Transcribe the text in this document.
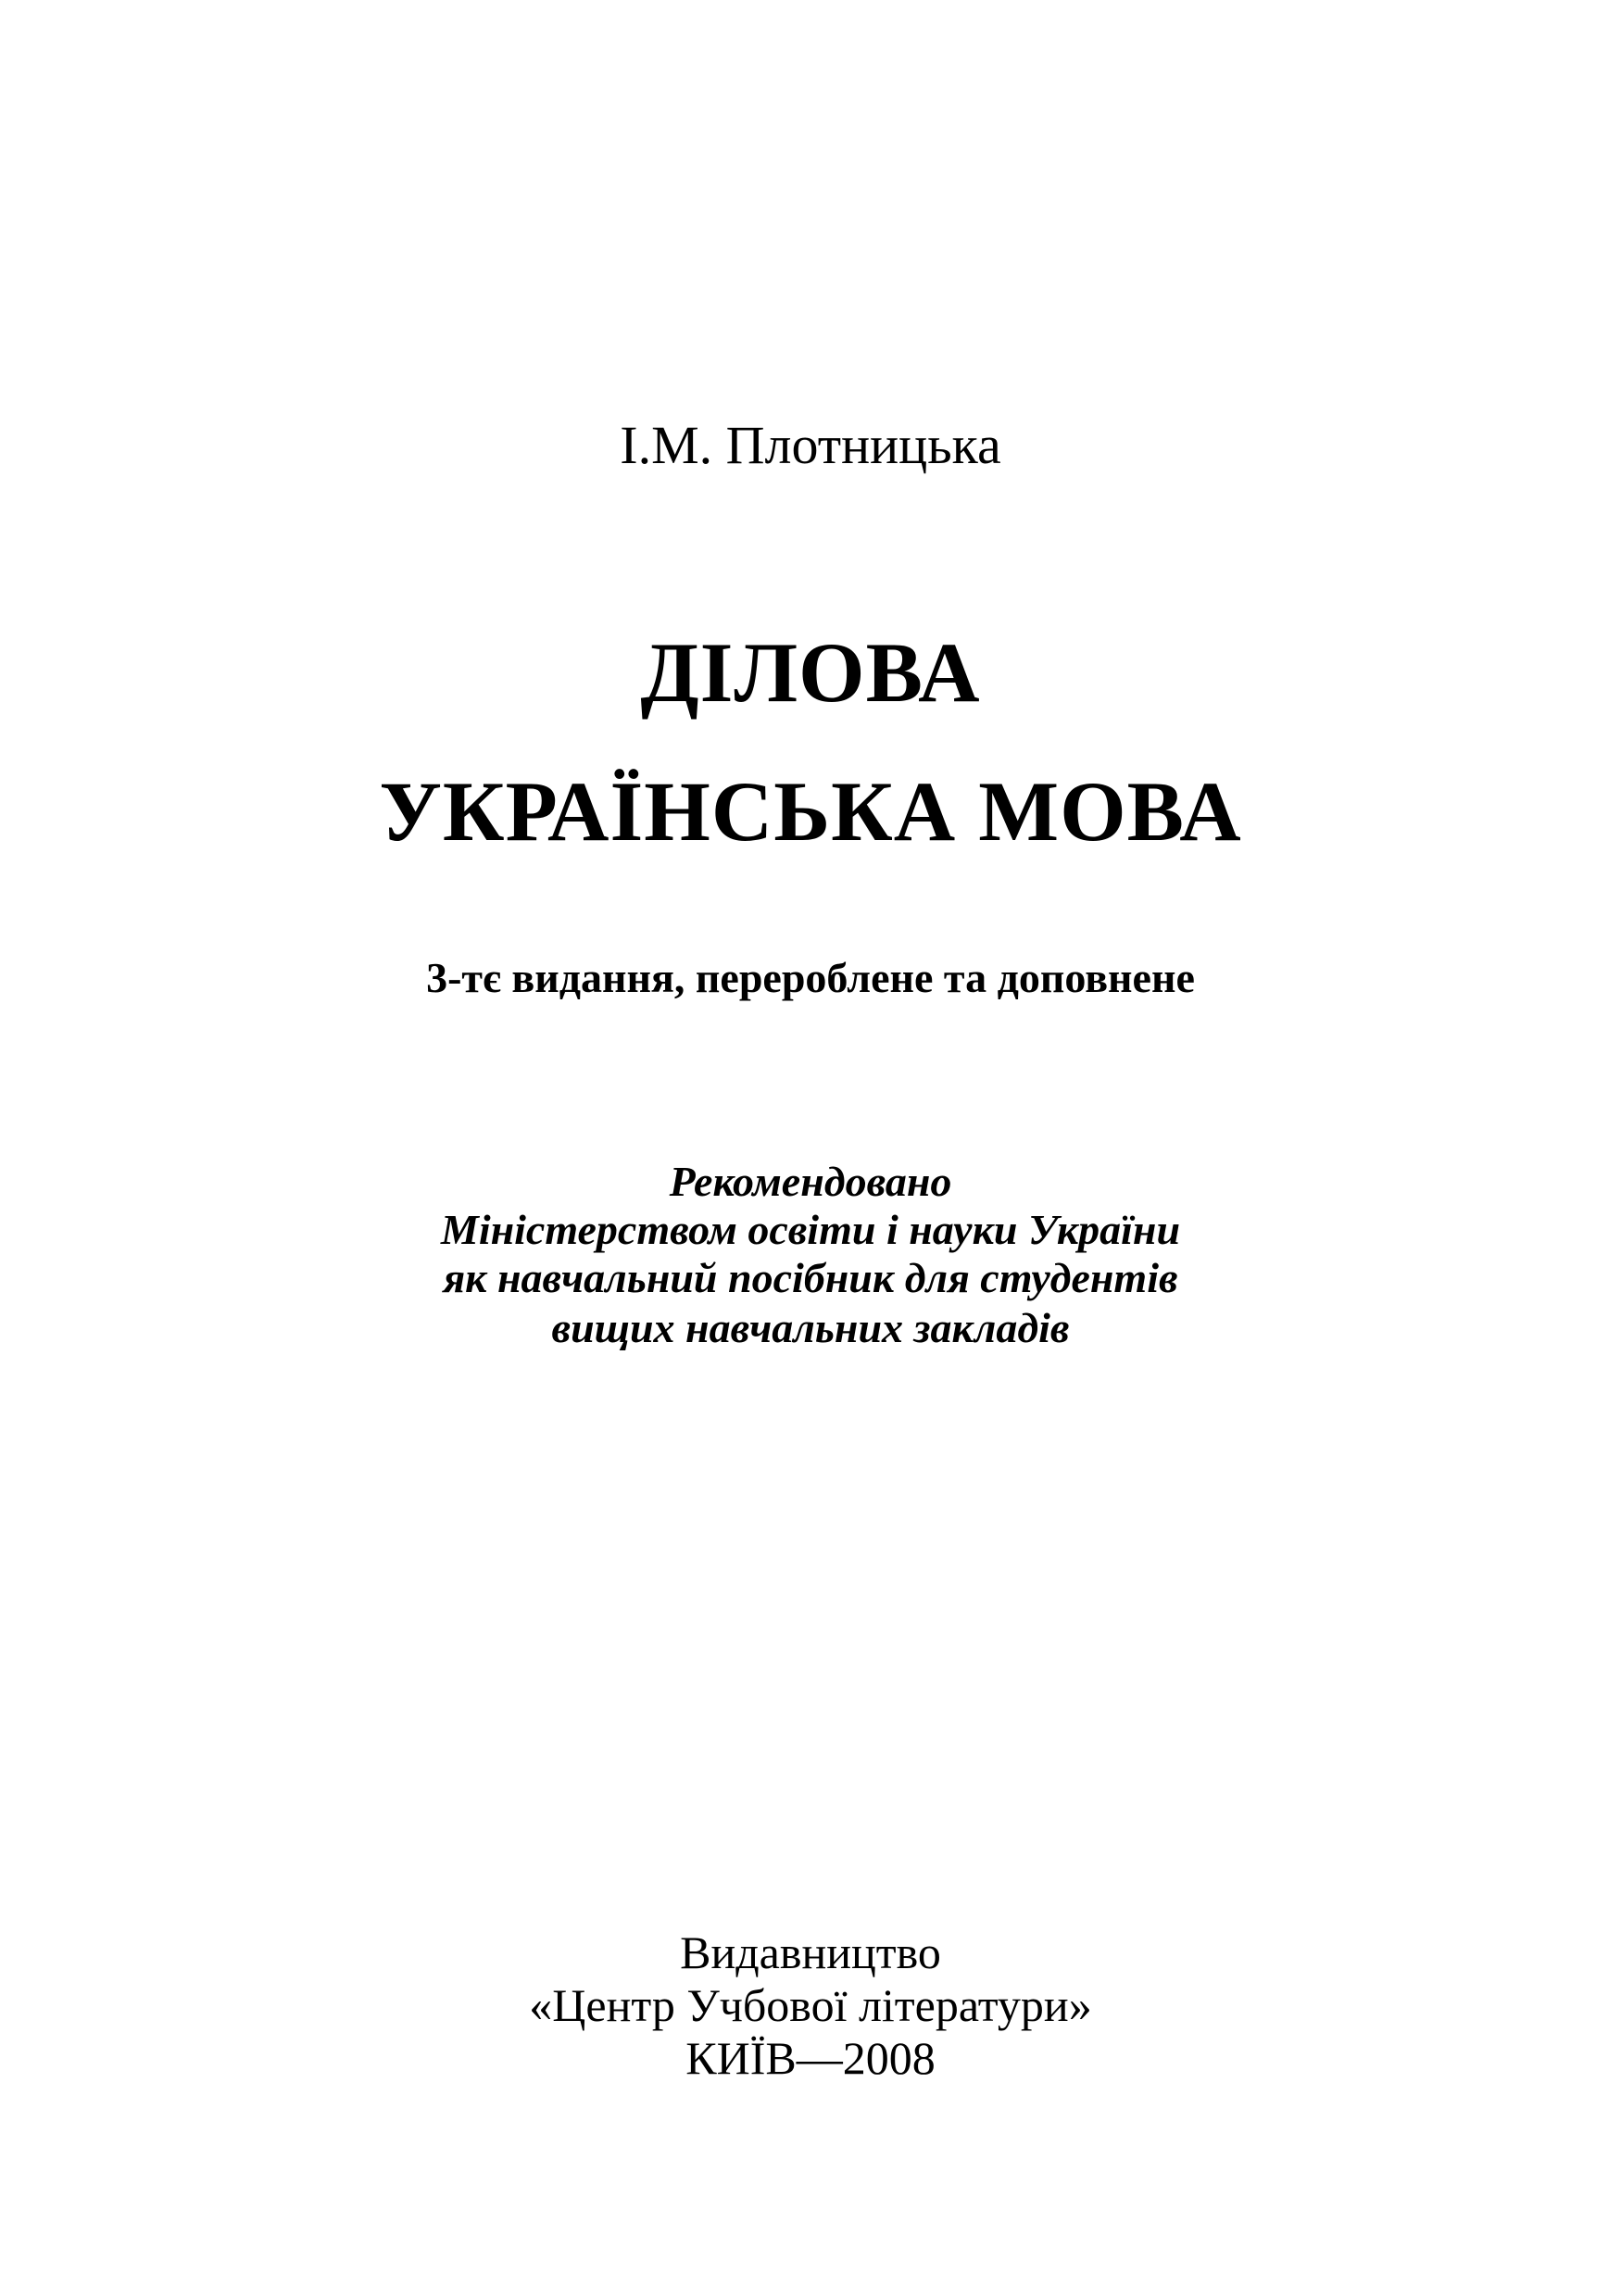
І.М. Плотницька
ДІЛОВА
УКРАЇНСЬКА МОВА
3-тє видання, перероблене та доповнене
Рекомендовано
Міністерством освіти і науки України
як навчальний посібник для студентів
вищих навчальних закладів
Видавництво
«Центр Учбової літератури»
КИЇВ—2008
